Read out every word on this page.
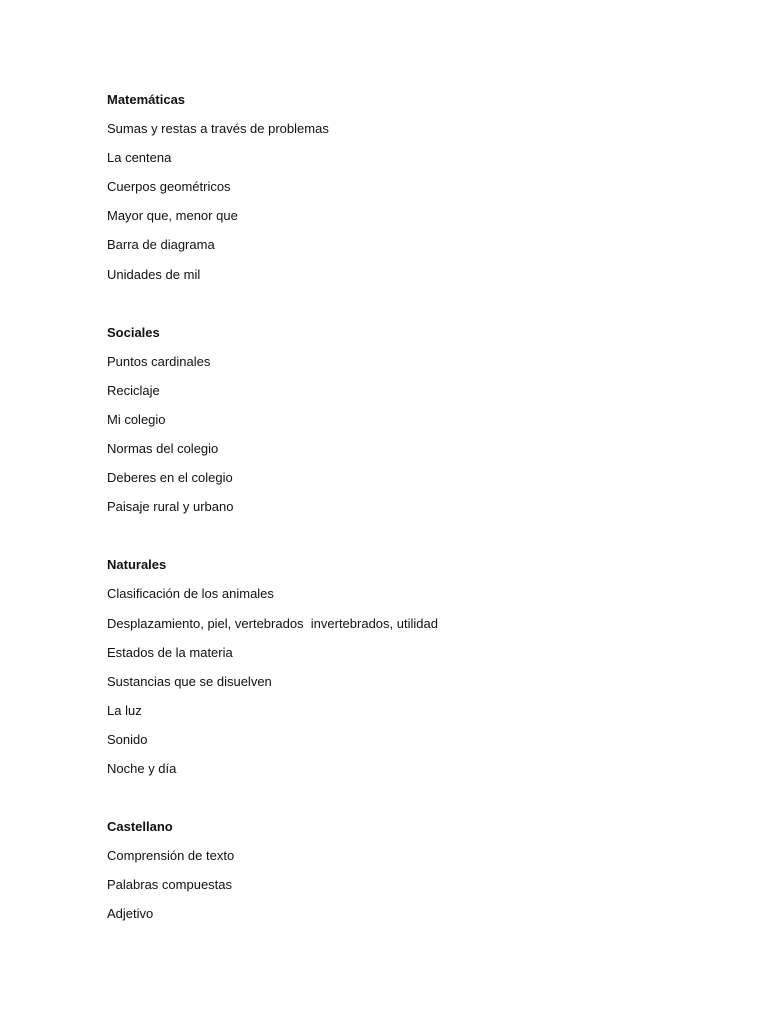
Matemáticas
Sumas y restas a través de problemas
La centena
Cuerpos geométricos
Mayor que, menor que
Barra de diagrama
Unidades de mil
Sociales
Puntos cardinales
Reciclaje
Mi colegio
Normas del colegio
Deberes en el colegio
Paisaje rural y urbano
Naturales
Clasificación de los animales
Desplazamiento, piel, vertebrados  invertebrados, utilidad
Estados de la materia
Sustancias que se disuelven
La luz
Sonido
Noche y día
Castellano
Comprensión de texto
Palabras compuestas
Adjetivo
